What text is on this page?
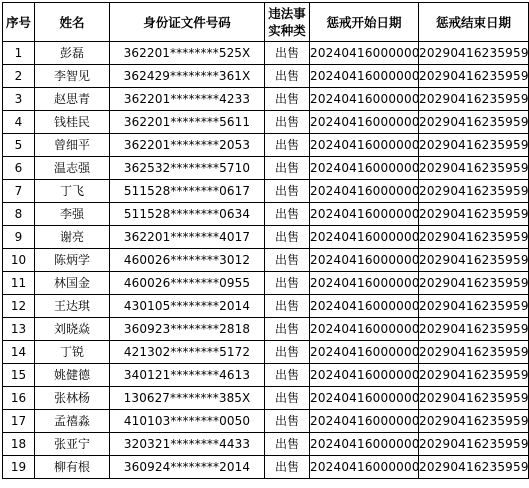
序号	姓名	身份证文件号码	违法事实种类	惩戒开始日期	惩戒结束日期
1	彭磊	362201********525X	出售	20240416000000	20290416235959
2	李智见	362429********361X	出售	20240416000000	20290416235959
3	赵思青	362201********4233	出售	20240416000000	20290416235959
4	钱桂民	362201********5611	出售	20240416000000	20290416235959
5	曾细平	362201********2053	出售	20240416000000	20290416235959
6	温志强	362532********5710	出售	20240416000000	20290416235959
7	丁飞	511528********0617	出售	20240416000000	20290416235959
8	李强	511528********0634	出售	20240416000000	20290416235959
9	谢亮	362201********4017	出售	20240416000000	20290416235959
10	陈炳学	460026********3012	出售	20240416000000	20290416235959
11	林国金	460026********0955	出售	20240416000000	20290416235959
12	王达琪	430105********2014	出售	20240416000000	20290416235959
13	刘晓焱	360923********2818	出售	20240416000000	20290416235959
14	丁锐	421302********5172	出售	20240416000000	20290416235959
15	姚健德	340121********4613	出售	20240416000000	20290416235959
16	张林杨	130627********385X	出售	20240416000000	20290416235959
17	孟禧淼	410103********0050	出售	20240416000000	20290416235959
18	张亚宁	320321********4433	出售	20240416000000	20290416235959
19	柳有根	360924********2014	出售	20240416000000	20290416235959
